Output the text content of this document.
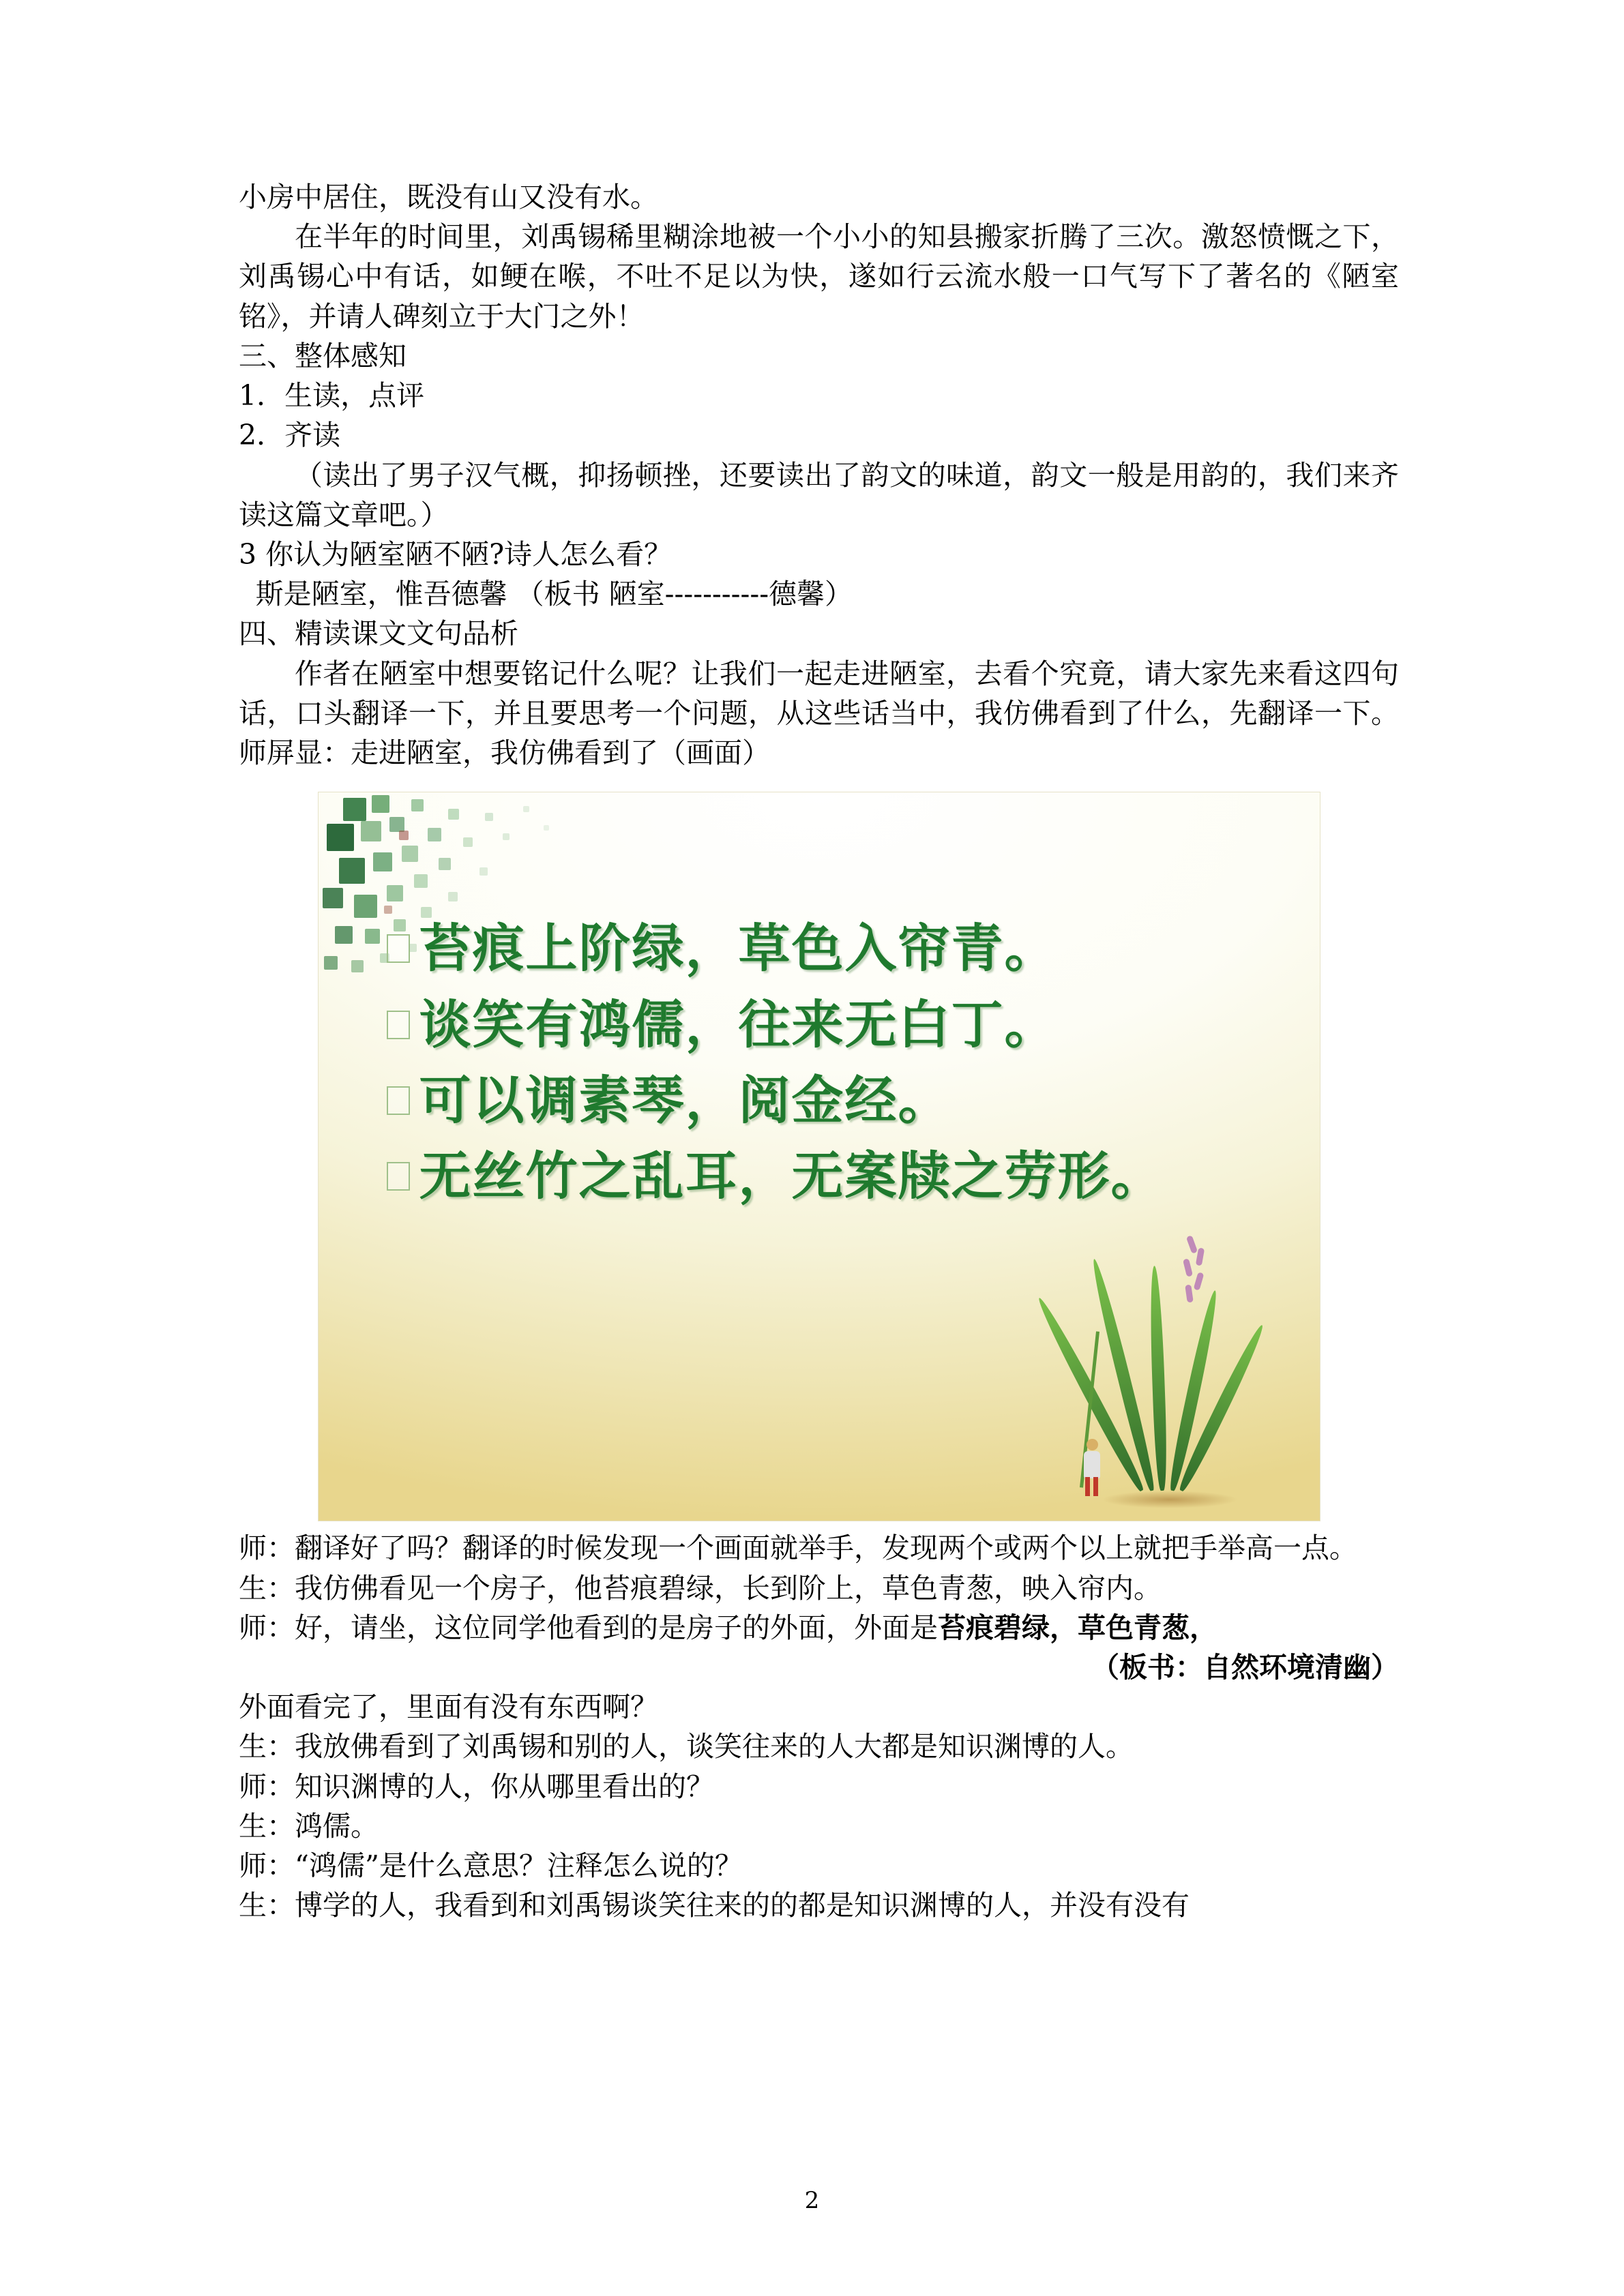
小房中居住，既没有山又没有水。

在半年的时间里，刘禹锡稀里糊涂地被一个小小的知县搬家折腾了三次。激怒愤慨之下，刘禹锡心中有话，如鲠在喉，不吐不足以为快，遂如行云流水般一口气写下了著名的《陋室铭》，并请人碑刻立于大门之外！

三、整体感知

1．生读，点评

2．齐读

（读出了男子汉气概，抑扬顿挫，还要读出了韵文的味道，韵文一般是用韵的，我们来齐读这篇文章吧。）

3 你认为陋室陋不陋?诗人怎么看？

斯是陋室，惟吾德馨 （板书 陋室-----------德馨）

四、精读课文文句品析

作者在陋室中想要铭记什么呢？让我们一起走进陋室，去看个究竟，请大家先来看这四句话，口头翻译一下，并且要思考一个问题，从这些话当中，我仿佛看到了什么，先翻译一下。师屏显：走进陋室，我仿佛看到了（画面）

苔痕上阶绿，草色入帘青。
谈笑有鸿儒，往来无白丁。
可以调素琴，阅金经。
无丝竹之乱耳，无案牍之劳形。

师：翻译好了吗？翻译的时候发现一个画面就举手，发现两个或两个以上就把手举高一点。

生：我仿佛看见一个房子，他苔痕碧绿，长到阶上，草色青葱，映入帘内。

师：好，请坐，这位同学他看到的是房子的外面，外面是苔痕碧绿，草色青葱，

（板书：自然环境清幽）

外面看完了，里面有没有东西啊？

生：我放佛看到了刘禹锡和别的人，谈笑往来的人大都是知识渊博的人。

师：知识渊博的人，你从哪里看出的？

生：鸿儒。

师：“鸿儒”是什么意思？注释怎么说的？

生：博学的人，我看到和刘禹锡谈笑往来的的都是知识渊博的人，并没有没有

2
